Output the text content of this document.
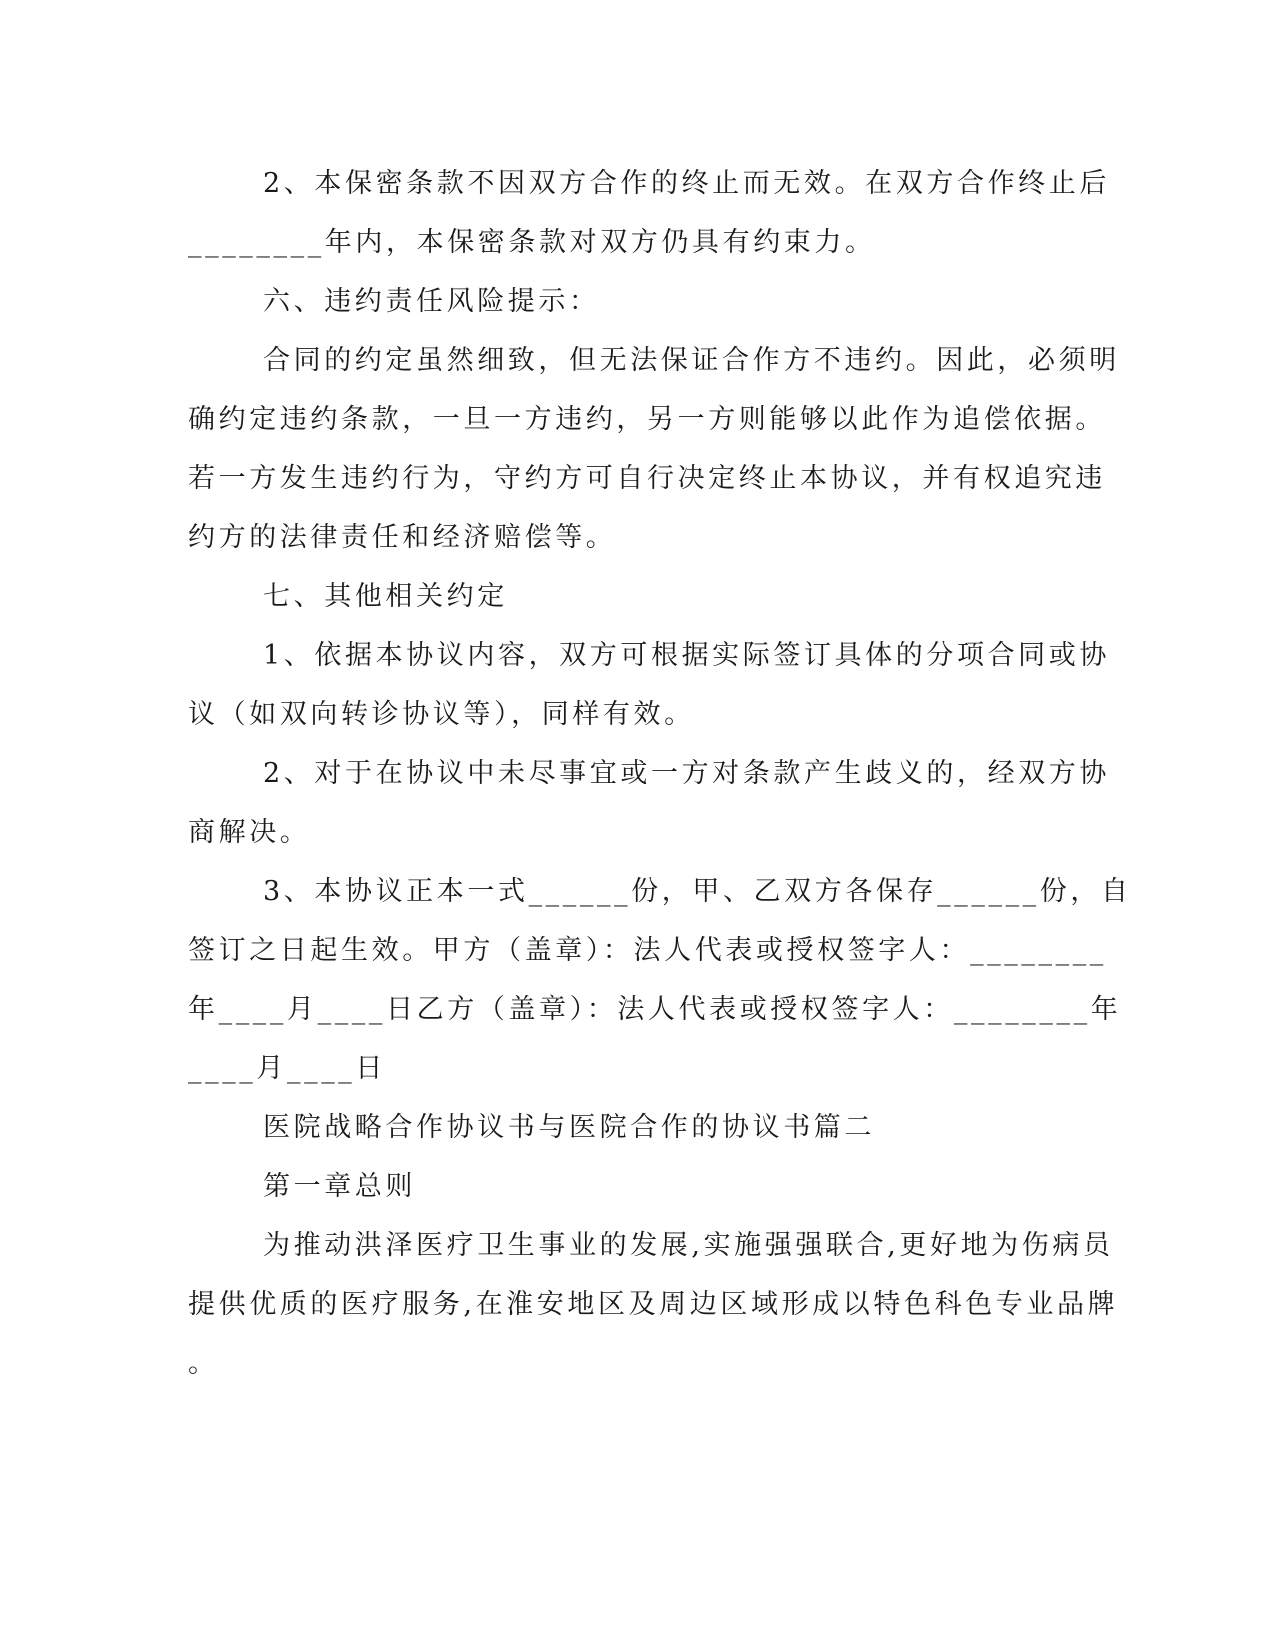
2、本保密条款不因双方合作的终止而无效。在双方合作终止后
________年内，本保密条款对双方仍具有约束力。
六、违约责任风险提示：
合同的约定虽然细致，但无法保证合作方不违约。因此，必须明
确约定违约条款，一旦一方违约，另一方则能够以此作为追偿依据。
若一方发生违约行为，守约方可自行决定终止本协议，并有权追究违
约方的法律责任和经济赔偿等。
七、其他相关约定
1、依据本协议内容，双方可根据实际签订具体的分项合同或协
议（如双向转诊协议等），同样有效。
2、对于在协议中未尽事宜或一方对条款产生歧义的，经双方协
商解决。
3、本协议正本一式______份，甲、乙双方各保存______份，自
签订之日起生效。甲方（盖章）：法人代表或授权签字人：________
年____月____日乙方（盖章）：法人代表或授权签字人：________年
____月____日
医院战略合作协议书与医院合作的协议书篇二
第一章总则
为推动洪泽医疗卫生事业的发展,实施强强联合,更好地为伤病员
提供优质的医疗服务,在淮安地区及周边区域形成以特色科色专业品牌
。
